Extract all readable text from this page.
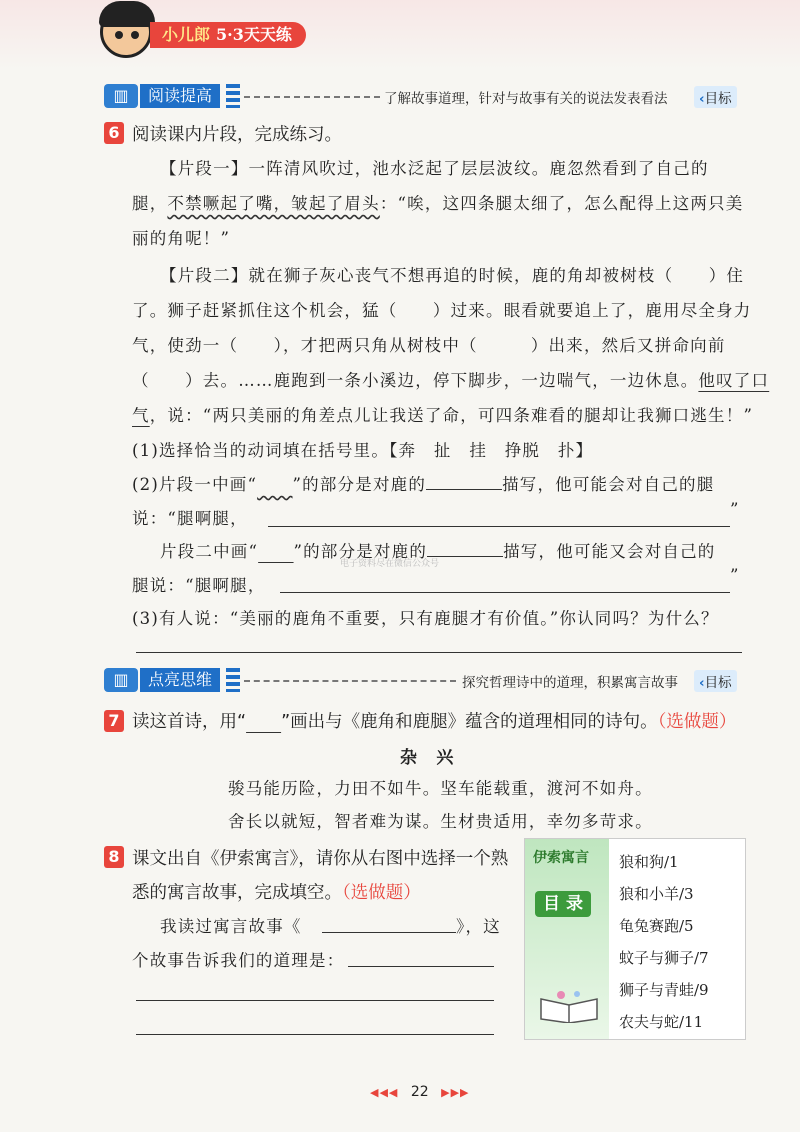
小儿郎 5·3天天练
▥	阅读提高	了解故事道理，针对与故事有关的说法发表看法	‹目标
6 阅读课内片段，完成练习。
【片段一】一阵清风吹过，池水泛起了层层波纹。鹿忽然看到了自己的
腿，不禁噘起了嘴，皱起了眉头：“唉，这四条腿太细了，怎么配得上这两只美
丽的角呢！”
【片段二】就在狮子灰心丧气不想再追的时候，鹿的角却被树枝（　　）住
了。狮子赶紧抓住这个机会，猛（　　）过来。眼看就要追上了，鹿用尽全身力
气，使劲一（　　），才把两只角从树枝中（　　　）出来，然后又拼命向前
（　　）去。……鹿跑到一条小溪边，停下脚步，一边喘气，一边休息。他叹了口
气，说：“两只美丽的角差点儿让我送了命，可四条难看的腿却让我狮口逃生！”
(1)选择恰当的动词填在括号里。【奔　扯　挂　挣脱　扑】
(2)片段一中画“　　 ”的部分是对鹿的	描写，他可能会对自己的腿
说：“腿啊腿，	”
片段二中画“　　 ”的部分是对鹿的	描写，他可能又会对自己的
电子资料尽在微信公众号
腿说：“腿啊腿，
”
(3)有人说：“美丽的鹿角不重要，只有鹿腿才有价值。”你认同吗？为什么？
▥	点亮思维	探究哲理诗中的道理，积累寓言故事	‹目标
7 读这首诗，用“　　 ”画出与《鹿角和鹿腿》蕴含的道理相同的诗句。（选做题）
杂　兴
骏马能历险，力田不如牛。坚车能载重，渡河不如舟。
舍长以就短，智者难为谋。生材贵适用，幸勿多苛求。
8 课文出自《伊索寓言》，请你从右图中选择一个熟
悉的寓言故事，完成填空。（选做题）
我读过寓言故事《	》，这
个故事告诉我们的道理是：
伊索寓言
目 录
狼和狗/1
狼和小羊/3
龟兔赛跑/5
蚊子与狮子/7
狮子与青蛙/9
农夫与蛇/11
◀◀◀ 22 ▶▶▶
